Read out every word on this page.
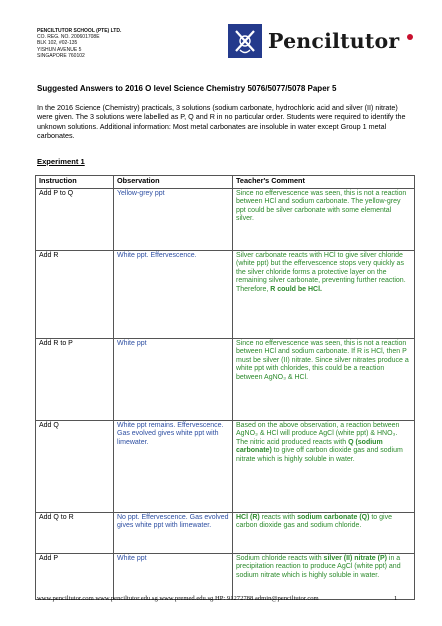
PENCILTUTOR SCHOOL (PTE) LTD.
CO. REG. NO. 200601708E
BLK 102, #02-135
YISHUN AVENUE 5
SINGAPORE 760102
Penciltutor
Suggested Answers to 2016 O level Science Chemistry 5076/5077/5078 Paper 5
In the 2016 Science (Chemistry) practicals, 3 solutions (sodium carbonate, hydrochloric acid and silver (II) nitrate) were given. The 3 solutions were labelled as P, Q and R in no particular order. Students were required to identify the unknown solutions. Additional information: Most metal carbonates are insoluble in water except Group 1 metal carbonates.
Experiment 1
Instruction	Observation	Teacher's Comment
Add P to Q	Yellow-grey ppt	Since no effervescence was seen, this is not a reaction between HCl and sodium carbonate. The yellow-grey ppt could be silver carbonate with some elemental silver.
Add R	White ppt. Effervescence.	Silver carbonate reacts with HCl to give silver chloride (white ppt) but the effervescence stops very quickly as the silver chloride forms a protective layer on the remaining silver carbonate, preventing further reaction. Therefore, R could be HCl.
Add R to P	White ppt	Since no effervescence was seen, this is not a reaction between HCl and sodium carbonate. If R is HCl, then P must be silver (II) nitrate. Since silver nitrates produce a white ppt with chlorides, this could be a reaction between AgNO₃ & HCl.
Add Q	White ppt remains. Effervescence. Gas evolved gives white ppt with limewater.	Based on the above observation, a reaction between AgNO₃ & HCl will produce AgCl (white ppt) & HNO₃. The nitric acid produced reacts with Q (sodium carbonate) to give off carbon dioxide gas and sodium nitrate which is highly soluble in water.
Add Q to R	No ppt. Effervescence. Gas evolved gives white ppt with limewater.	HCl (R) reacts with sodium carbonate (Q) to give carbon dioxide gas and sodium chloride.
Add P	White ppt	Sodium chloride reacts with silver (II) nitrate (P) in a precipitation reaction to produce AgCl (white ppt) and sodium nitrate which is highly soluble in water.
www.penciltutor.com www.penciltutor.edu.sg www.premed.edu.sg HP: 91272788 admin@penciltutor.com	1
